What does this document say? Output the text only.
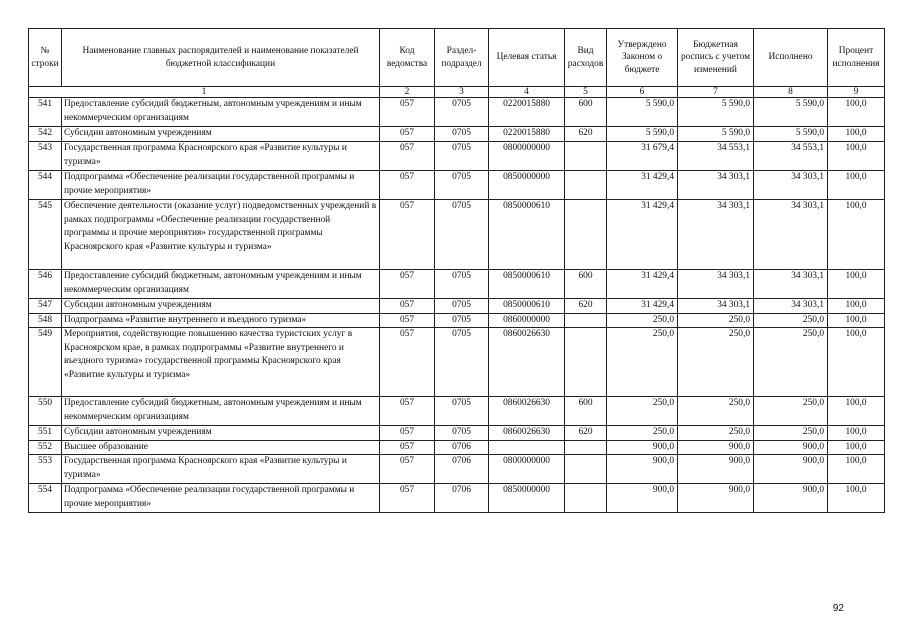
№ строки	Наименование главных распорядителей и наименование показателей бюджетной классификации	Код ведомства	Раздел-подраздел	Целевая статья	Вид расходов	Утверждено Законом о бюджете	Бюджетная роспись с учетом изменений	Исполнено	Процент исполнения
1		2	3	4	5	6	7	8	9
541	Предоставление субсидий бюджетным, автономным учреждениям и иным некоммерческим организациям	057	0705	0220015880	600	5 590,0	5 590,0	5 590,0	100,0
542	Субсидии автономным учреждениям	057	0705	0220015880	620	5 590,0	5 590,0	5 590,0	100,0
543	Государственная программа Красноярского края «Развитие культуры и туризма»	057	0705	0800000000		31 679,4	34 553,1	34 553,1	100,0
544	Подпрограмма «Обеспечение реализации государственной программы и прочие мероприятия»	057	0705	0850000000		31 429,4	34 303,1	34 303,1	100,0
545	Обеспечение деятельности (оказание услуг) подведомственных учреждений в рамках подпрограммы «Обеспечение реализации государственной программы и прочие мероприятия» государственной программы Красноярского края «Развитие культуры и туризма»	057	0705	0850000610		31 429,4	34 303,1	34 303,1	100,0
546	Предоставление субсидий бюджетным, автономным учреждениям и иным некоммерческим организациям	057	0705	0850000610	600	31 429,4	34 303,1	34 303,1	100,0
547	Субсидии автономным учреждениям	057	0705	0850000610	620	31 429,4	34 303,1	34 303,1	100,0
548	Подпрограмма «Развитие внутреннего и въездного туризма»	057	0705	0860000000		250,0	250,0	250,0	100,0
549	Мероприятия, содействующие повышению качества туристских услуг в Красноярском крае, в рамках подпрограммы «Развитие внутреннего и въездного туризма» государственной программы Красноярского края «Развитие культуры и туризма»	057	0705	0860026630		250,0	250,0	250,0	100,0
550	Предоставление субсидий бюджетным, автономным учреждениям и иным некоммерческим организациям	057	0705	0860026630	600	250,0	250,0	250,0	100,0
551	Субсидии автономным учреждениям	057	0705	0860026630	620	250,0	250,0	250,0	100,0
552	Высшее образование	057	0706			900,0	900,0	900,0	100,0
553	Государственная программа Красноярского края «Развитие культуры и туризма»	057	0706	0800000000		900,0	900,0	900,0	100,0
554	Подпрограмма «Обеспечение реализации государственной программы и прочие мероприятия»	057	0706	0850000000		900,0	900,0	900,0	100,0
92
